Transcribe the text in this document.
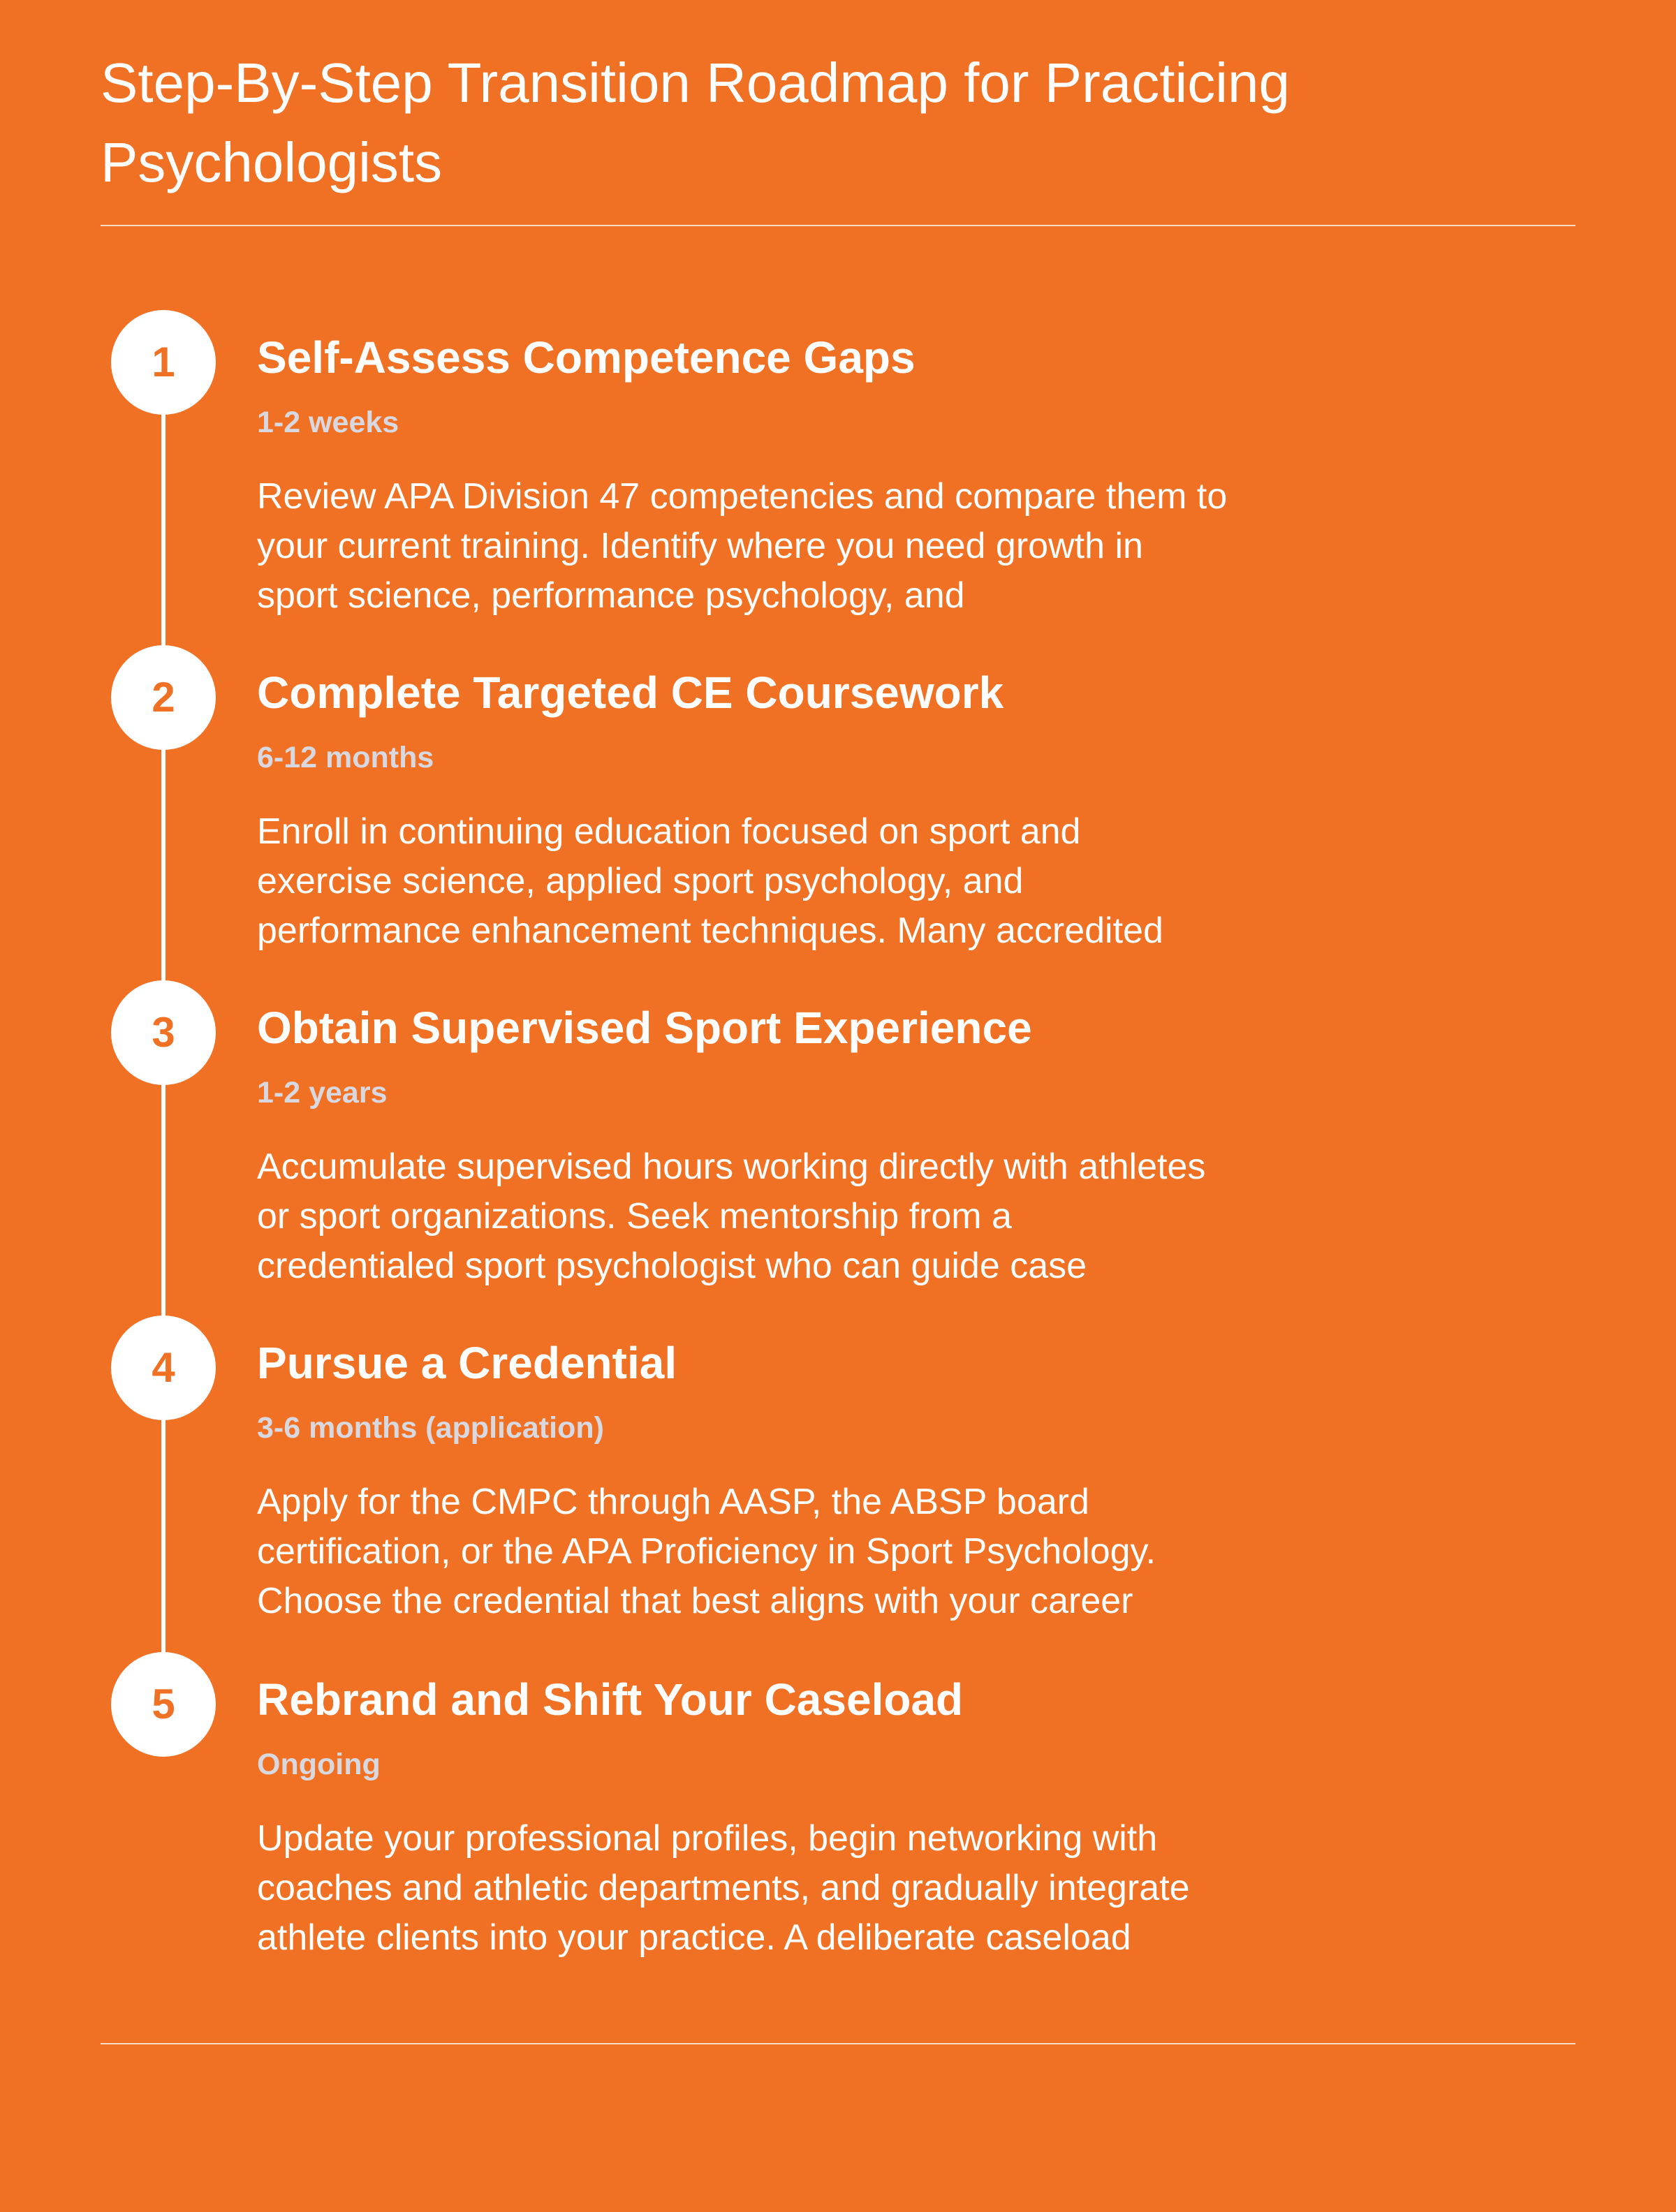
Step-By-Step Transition Roadmap for Practicing Psychologists
1	Self-Assess Competence Gaps
1-2 weeks

Review APA Division 47 competencies and compare them to
your current training. Identify where you need growth in
sport science, performance psychology, and

2	Complete Targeted CE Coursework
6-12 months

Enroll in continuing education focused on sport and
exercise science, applied sport psychology, and
performance enhancement techniques. Many accredited

3	Obtain Supervised Sport Experience
1-2 years

Accumulate supervised hours working directly with athletes
or sport organizations. Seek mentorship from a
credentialed sport psychologist who can guide case

4	Pursue a Credential
3-6 months (application)

Apply for the CMPC through AASP, the ABSP board
certification, or the APA Proficiency in Sport Psychology.
Choose the credential that best aligns with your career

5	Rebrand and Shift Your Caseload
Ongoing

Update your professional profiles, begin networking with
coaches and athletic departments, and gradually integrate
athlete clients into your practice. A deliberate caseload
